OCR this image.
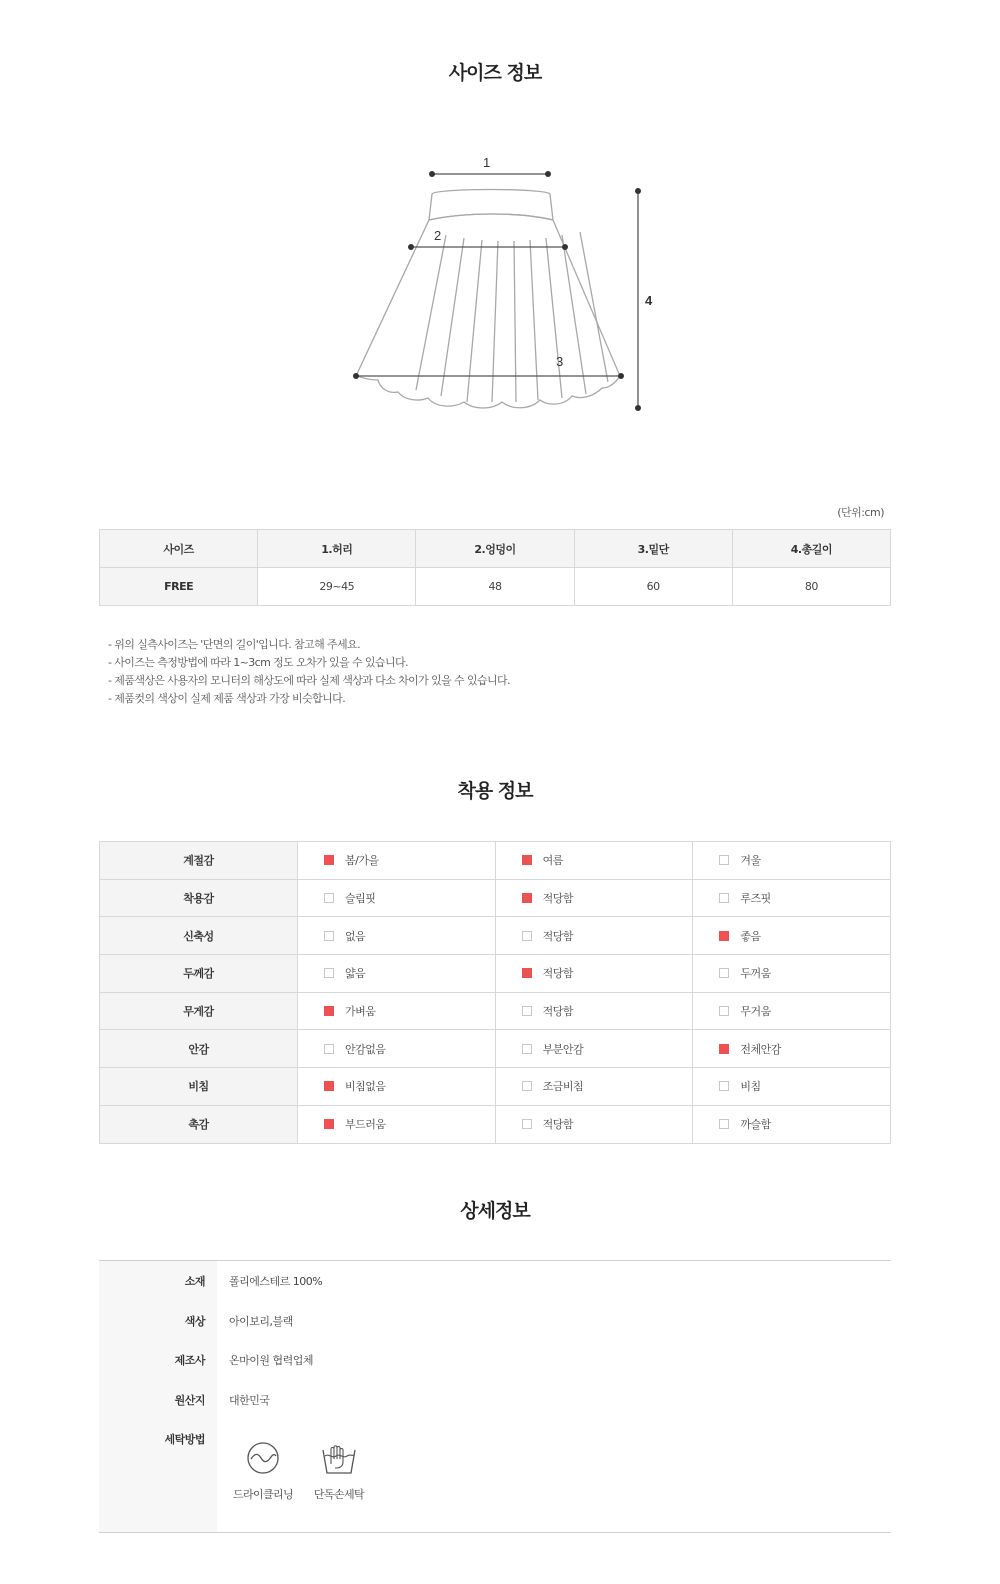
사이즈 정보
1
2
3
4
(단위:cm)
사이즈	1.허리	2.엉덩이	3.밑단	4.총길이
FREE	29~45	48	60	80
- 위의 실측사이즈는 '단면의 길이'입니다. 참고해 주세요.
- 사이즈는 측정방법에 따라 1~3cm 정도 오차가 있을 수 있습니다.
- 제품색상은 사용자의 모니터의 해상도에 따라 실제 색상과 다소 차이가 있을 수 있습니다.
- 제품컷의 색상이 실제 제품 색상과 가장 비슷합니다.
착용 정보
계절감	봄/가을	여름	겨울
착용감	슬림핏	적당함	루즈핏
신축성	없음	적당함	좋음
두께감	얇음	적당함	두꺼움
무게감	가벼움	적당함	무거움
안감	안감없음	부분안감	전체안감
비침	비침없음	조금비침	비침
촉감	부드러움	적당함	까슬함
상세정보
소재 폴리에스테르 100%
색상 아이보리,블랙
제조사 온마이원 협력업체
원산지 대한민국
세탁방법
드라이클리닝	단독손세탁
